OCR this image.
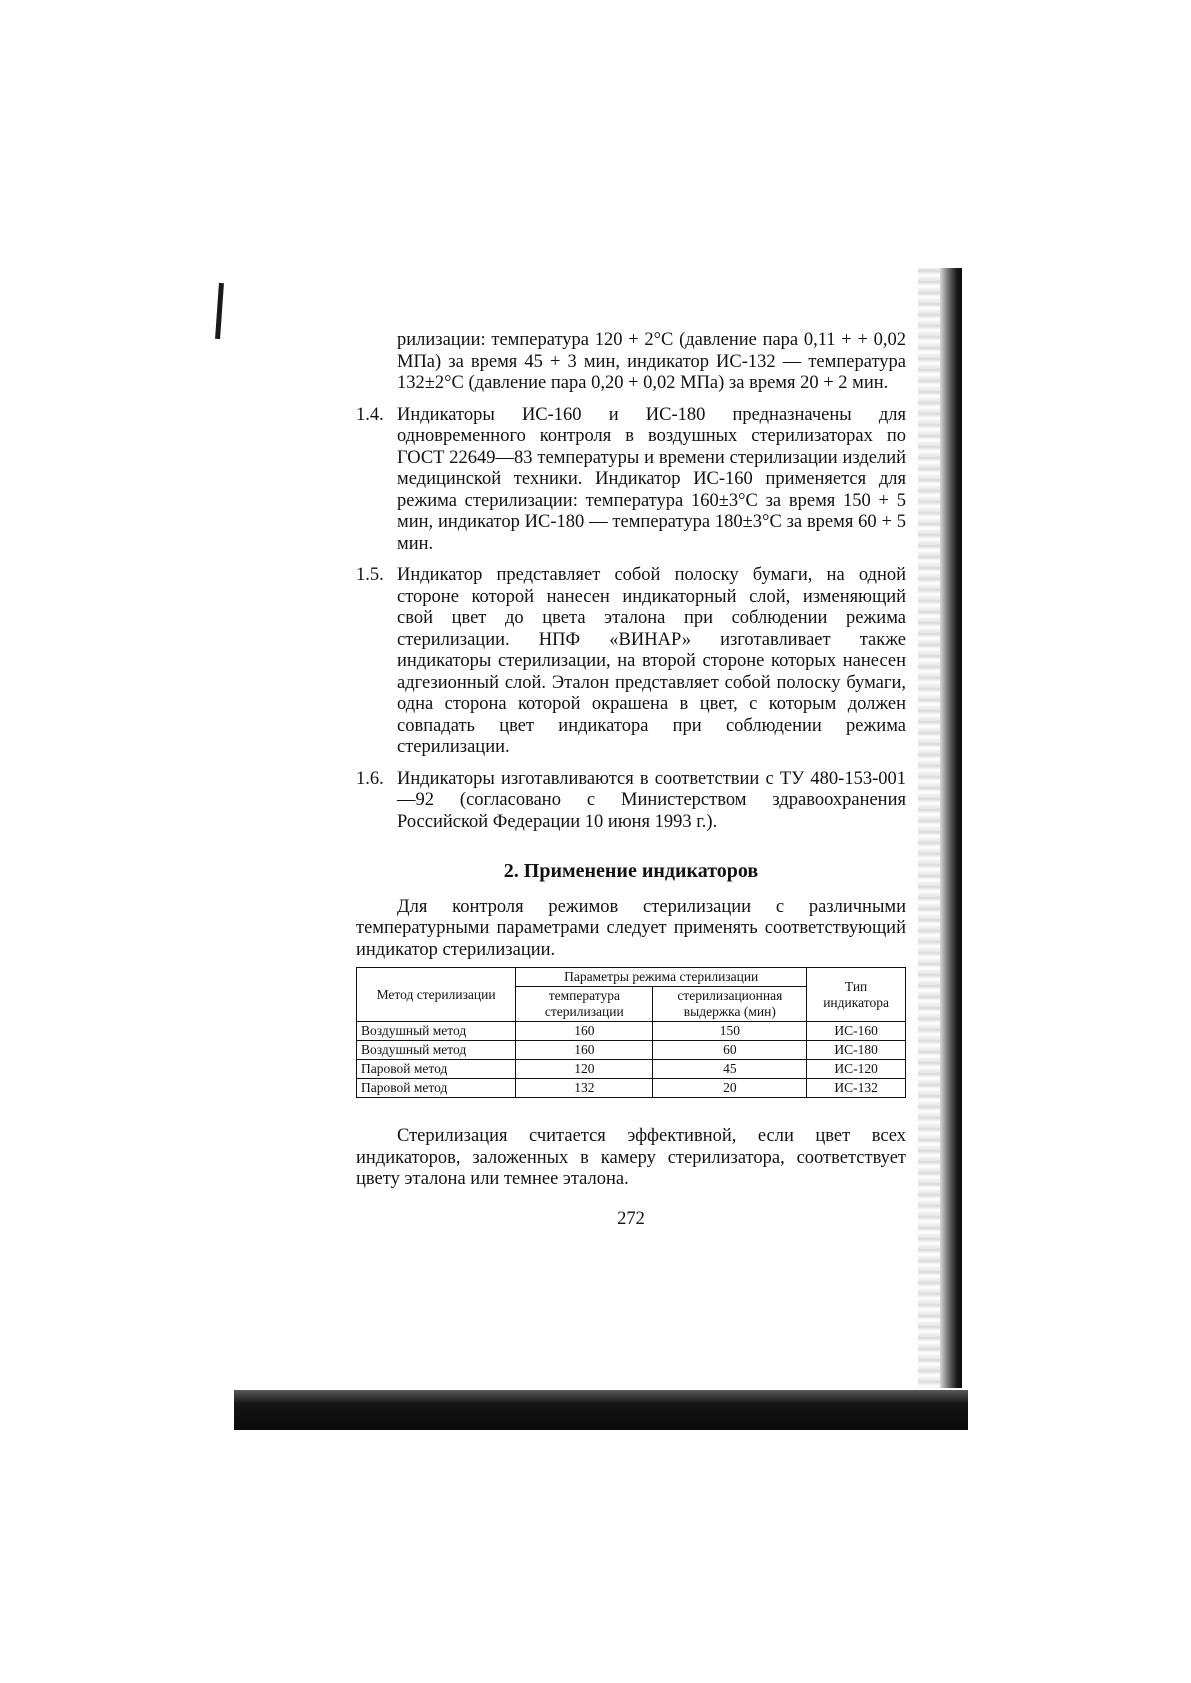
рилизации: температура 120 + 2°С (давление пара 0,11 + + 0,02 МПа) за время 45 + 3 мин, индикатор ИС-132 — температура 132±2°С (давление пара 0,20 + 0,02 МПа) за время 20 + 2 мин.

1.4. Индикаторы ИС-160 и ИС-180 предназначены для одновременного контроля в воздушных стерилизаторах по ГОСТ 22649—83 температуры и времени стерилизации изделий медицинской техники. Индикатор ИС-160 применяется для режима стерилизации: температура 160±3°С за время 150 + 5 мин, индикатор ИС-180 — температура 180±3°С за время 60 + 5 мин.
1.5. Индикатор представляет собой полоску бумаги, на одной стороне которой нанесен индикаторный слой, изменяющий свой цвет до цвета эталона при соблюдении режима стерилизации. НПФ «ВИНАР» изготавливает также индикаторы стерилизации, на второй стороне которых нанесен адгезионный слой. Эталон представляет собой полоску бумаги, одна сторона которой окрашена в цвет, с которым должен совпадать цвет индикатора при соблюдении режима стерилизации.
1.6. Индикаторы изготавливаются в соответствии с ТУ 480-153-001—92 (согласовано с Министерством здравоохранения Российской Федерации 10 июня 1993 г.).
2. Применение индикаторов

Для контроля режимов стерилизации с различными температурными параметрами следует применять соответствующий индикатор стерилизации.

Метод стерилизации	Параметры режима стерилизации		Тип индикатора
	температура стерилизации	стерилизационная выдержка (мин)	
Воздушный метод	160	150	ИС-160
Воздушный метод	160	60	ИС-180
Паровой метод	120	45	ИС-120
Паровой метод	132	20	ИС-132

Стерилизация считается эффективной, если цвет всех индикаторов, заложенных в камеру стерилизатора, соответствует цвету эталона или темнее эталона.

272
